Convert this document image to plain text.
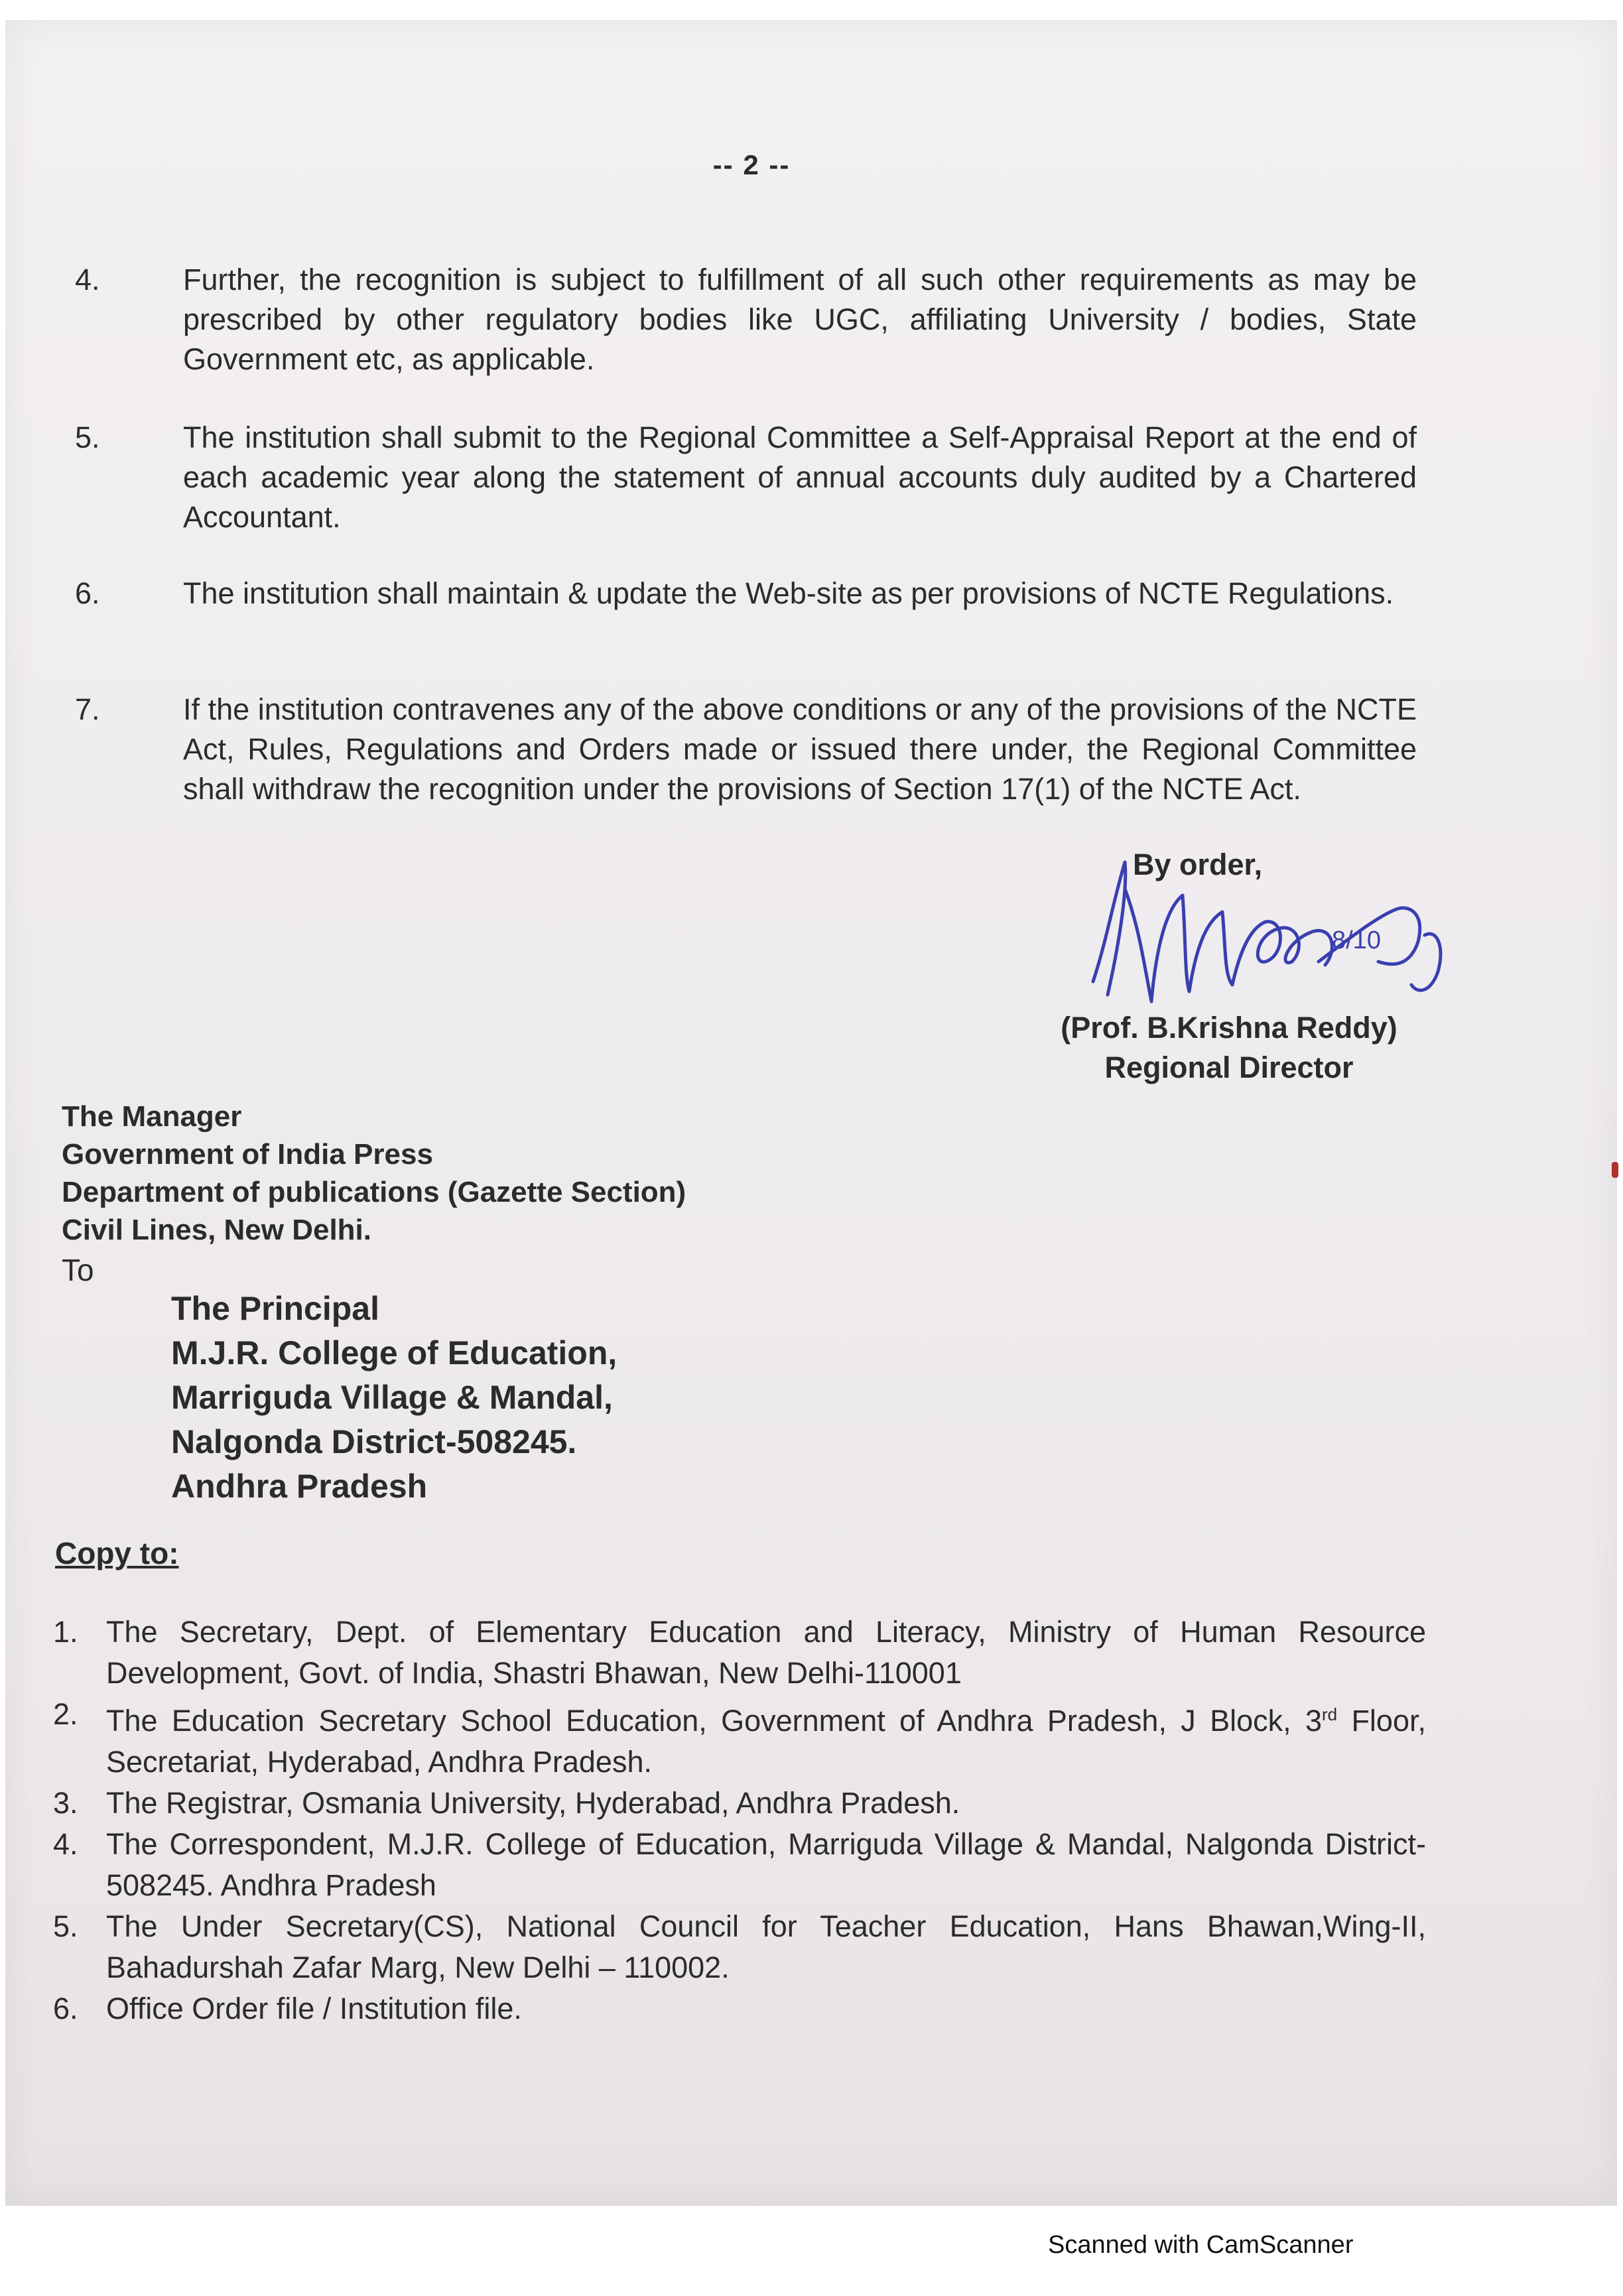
-- 2 --
4.	Further, the recognition is subject to fulfillment of all such other requirements as may be prescribed by other regulatory bodies like UGC, affiliating University / bodies, State Government etc, as applicable.
5.	The institution shall submit to the Regional Committee a Self-Appraisal Report at the end of each academic year along the statement of annual accounts duly audited by a Chartered Accountant.
6.	The institution shall maintain & update the Web-site as per provisions of NCTE Regulations.
7.	If the institution contravenes any of the above conditions or any of the provisions of the NCTE Act, Rules, Regulations and Orders made or issued there under, the Regional Committee shall withdraw the recognition under the provisions of Section 17(1) of the NCTE Act.
By order,
8/10
(Prof. B.Krishna Reddy)
Regional Director
The Manager
Government of India Press
Department of publications (Gazette Section)
Civil Lines, New Delhi.
To
The Principal
M.J.R. College of Education,
Marriguda Village & Mandal,
Nalgonda District-508245.
Andhra Pradesh
Copy to:
1. The Secretary, Dept. of Elementary Education and Literacy, Ministry of Human Resource Development, Govt. of India, Shastri Bhawan, New Delhi-110001
2. The Education Secretary School Education, Government of Andhra Pradesh, J Block, 3rd Floor, Secretariat, Hyderabad, Andhra Pradesh.
3. The Registrar, Osmania University, Hyderabad, Andhra Pradesh.
4. The Correspondent, M.J.R. College of Education, Marriguda Village & Mandal, Nalgonda District-508245. Andhra Pradesh
5. The Under Secretary(CS), National Council for Teacher Education, Hans Bhawan,Wing-II, Bahadurshah Zafar Marg, New Delhi – 110002.
6. Office Order file / Institution file.
Scanned with CamScanner
